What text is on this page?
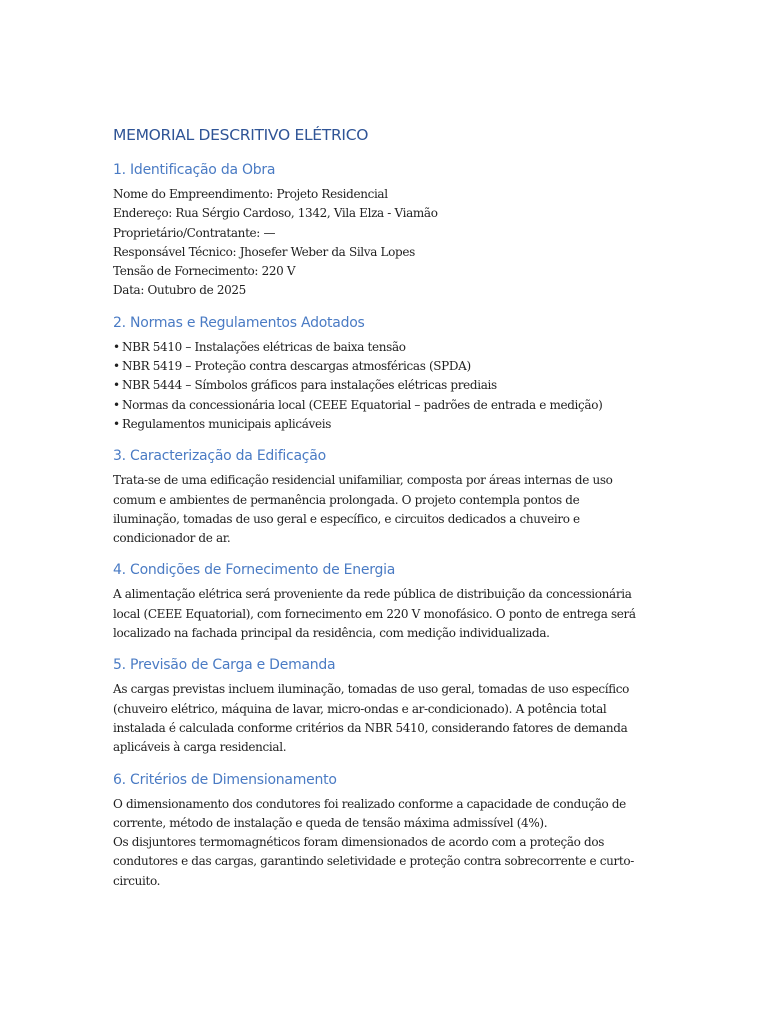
MEMORIAL DESCRITIVO ELÉTRICO
1. Identificação da Obra
Nome do Empreendimento: Projeto Residencial
Endereço: Rua Sérgio Cardoso, 1342, Vila Elza - Viamão
Proprietário/Contratante: —
Responsável Técnico: Jhosefer Weber da Silva Lopes
Tensão de Fornecimento: 220 V
Data: Outubro de 2025
2. Normas e Regulamentos Adotados
• NBR 5410 – Instalações elétricas de baixa tensão
• NBR 5419 – Proteção contra descargas atmosféricas (SPDA)
• NBR 5444 – Símbolos gráficos para instalações elétricas prediais
• Normas da concessionária local (CEEE Equatorial – padrões de entrada e medição)
• Regulamentos municipais aplicáveis
3. Caracterização da Edificação
Trata-se de uma edificação residencial unifamiliar, composta por áreas internas de uso
comum e ambientes de permanência prolongada. O projeto contempla pontos de
iluminação, tomadas de uso geral e específico, e circuitos dedicados a chuveiro e
condicionador de ar.
4. Condições de Fornecimento de Energia
A alimentação elétrica será proveniente da rede pública de distribuição da concessionária
local (CEEE Equatorial), com fornecimento em 220 V monofásico. O ponto de entrega será
localizado na fachada principal da residência, com medição individualizada.
5. Previsão de Carga e Demanda
As cargas previstas incluem iluminação, tomadas de uso geral, tomadas de uso específico
(chuveiro elétrico, máquina de lavar, micro-ondas e ar-condicionado). A potência total
instalada é calculada conforme critérios da NBR 5410, considerando fatores de demanda
aplicáveis à carga residencial.
6. Critérios de Dimensionamento
O dimensionamento dos condutores foi realizado conforme a capacidade de condução de
corrente, método de instalação e queda de tensão máxima admissível (4%).
Os disjuntores termomagnéticos foram dimensionados de acordo com a proteção dos
condutores e das cargas, garantindo seletividade e proteção contra sobrecorrente e curto-
circuito.
